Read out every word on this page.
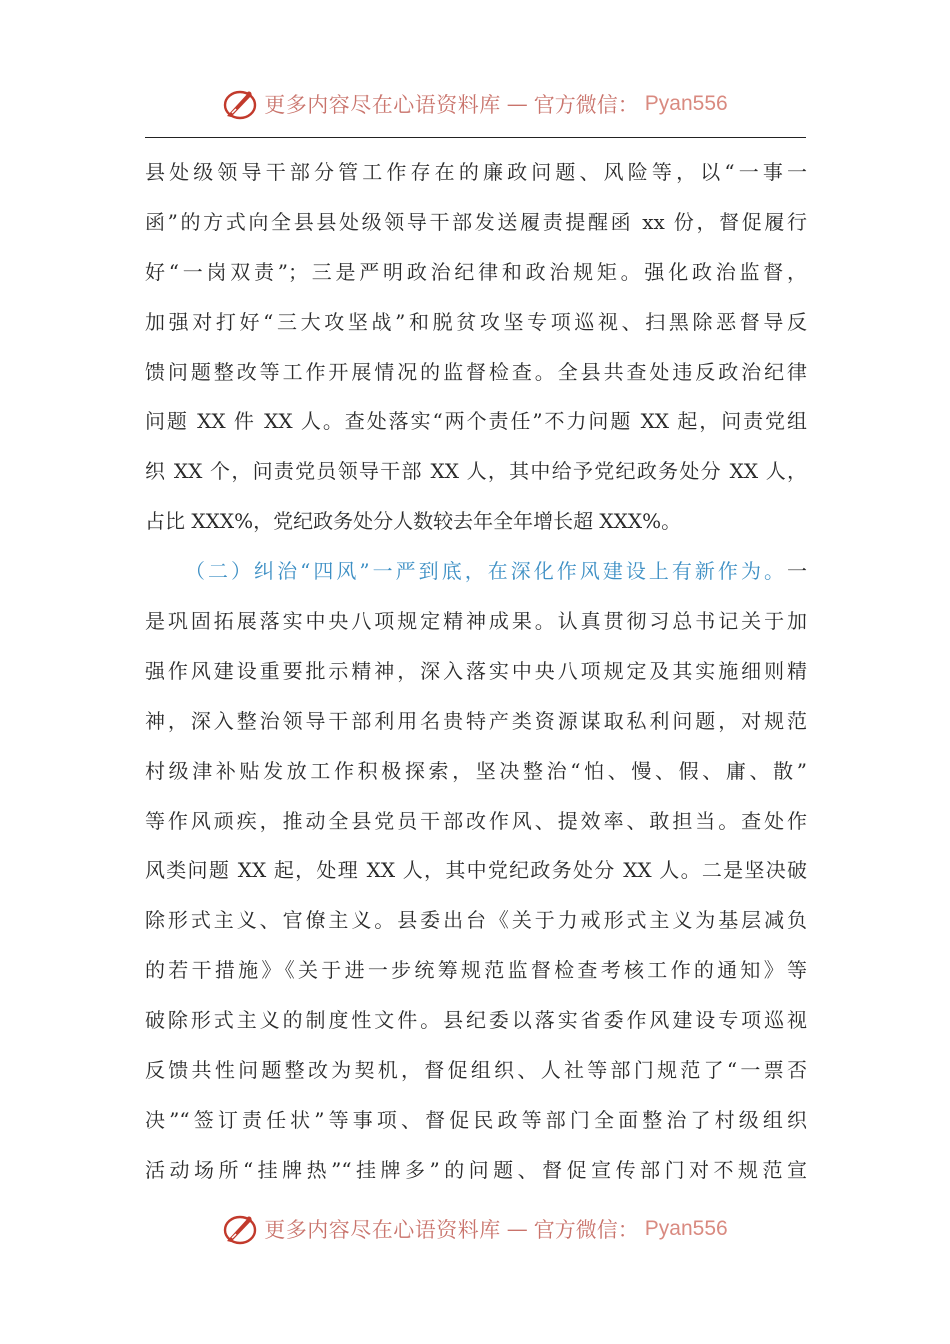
更多内容尽在心语资料库 — 官方微信： Pyan556
县处级领导干部分管工作存在的廉政问题、风险等，以“一事一
函”的方式向全县县处级领导干部发送履责提醒函 xx 份，督促履行
好“一岗双责”；三是严明政治纪律和政治规矩。强化政治监督，
加强对打好“三大攻坚战”和脱贫攻坚专项巡视、扫黑除恶督导反
馈问题整改等工作开展情况的监督检查。全县共查处违反政治纪律
问题 XX 件 XX 人。查处落实“两个责任”不力问题 XX 起，问责党组
织 XX 个，问责党员领导干部 XX 人，其中给予党纪政务处分 XX 人，
占比 XXX%，党纪政务处分人数较去年全年增长超 XXX%。
（二）纠治“四风”一严到底，在深化作风建设上有新作为。一
是巩固拓展落实中央八项规定精神成果。认真贯彻习总书记关于加
强作风建设重要批示精神，深入落实中央八项规定及其实施细则精
神，深入整治领导干部利用名贵特产类资源谋取私利问题，对规范
村级津补贴发放工作积极探索，坚决整治“怕、慢、假、庸、散”
等作风顽疾，推动全县党员干部改作风、提效率、敢担当。查处作
风类问题 XX 起，处理 XX 人，其中党纪政务处分 XX 人。二是坚决破
除形式主义、官僚主义。县委出台《关于力戒形式主义为基层减负
的若干措施》《关于进一步统筹规范监督检查考核工作的通知》等
破除形式主义的制度性文件。县纪委以落实省委作风建设专项巡视
反馈共性问题整改为契机，督促组织、人社等部门规范了“一票否
决”“签订责任状”等事项、督促民政等部门全面整治了村级组织
活动场所“挂牌热”“挂牌多”的问题、督促宣传部门对不规范宣
更多内容尽在心语资料库 — 官方微信： Pyan556
